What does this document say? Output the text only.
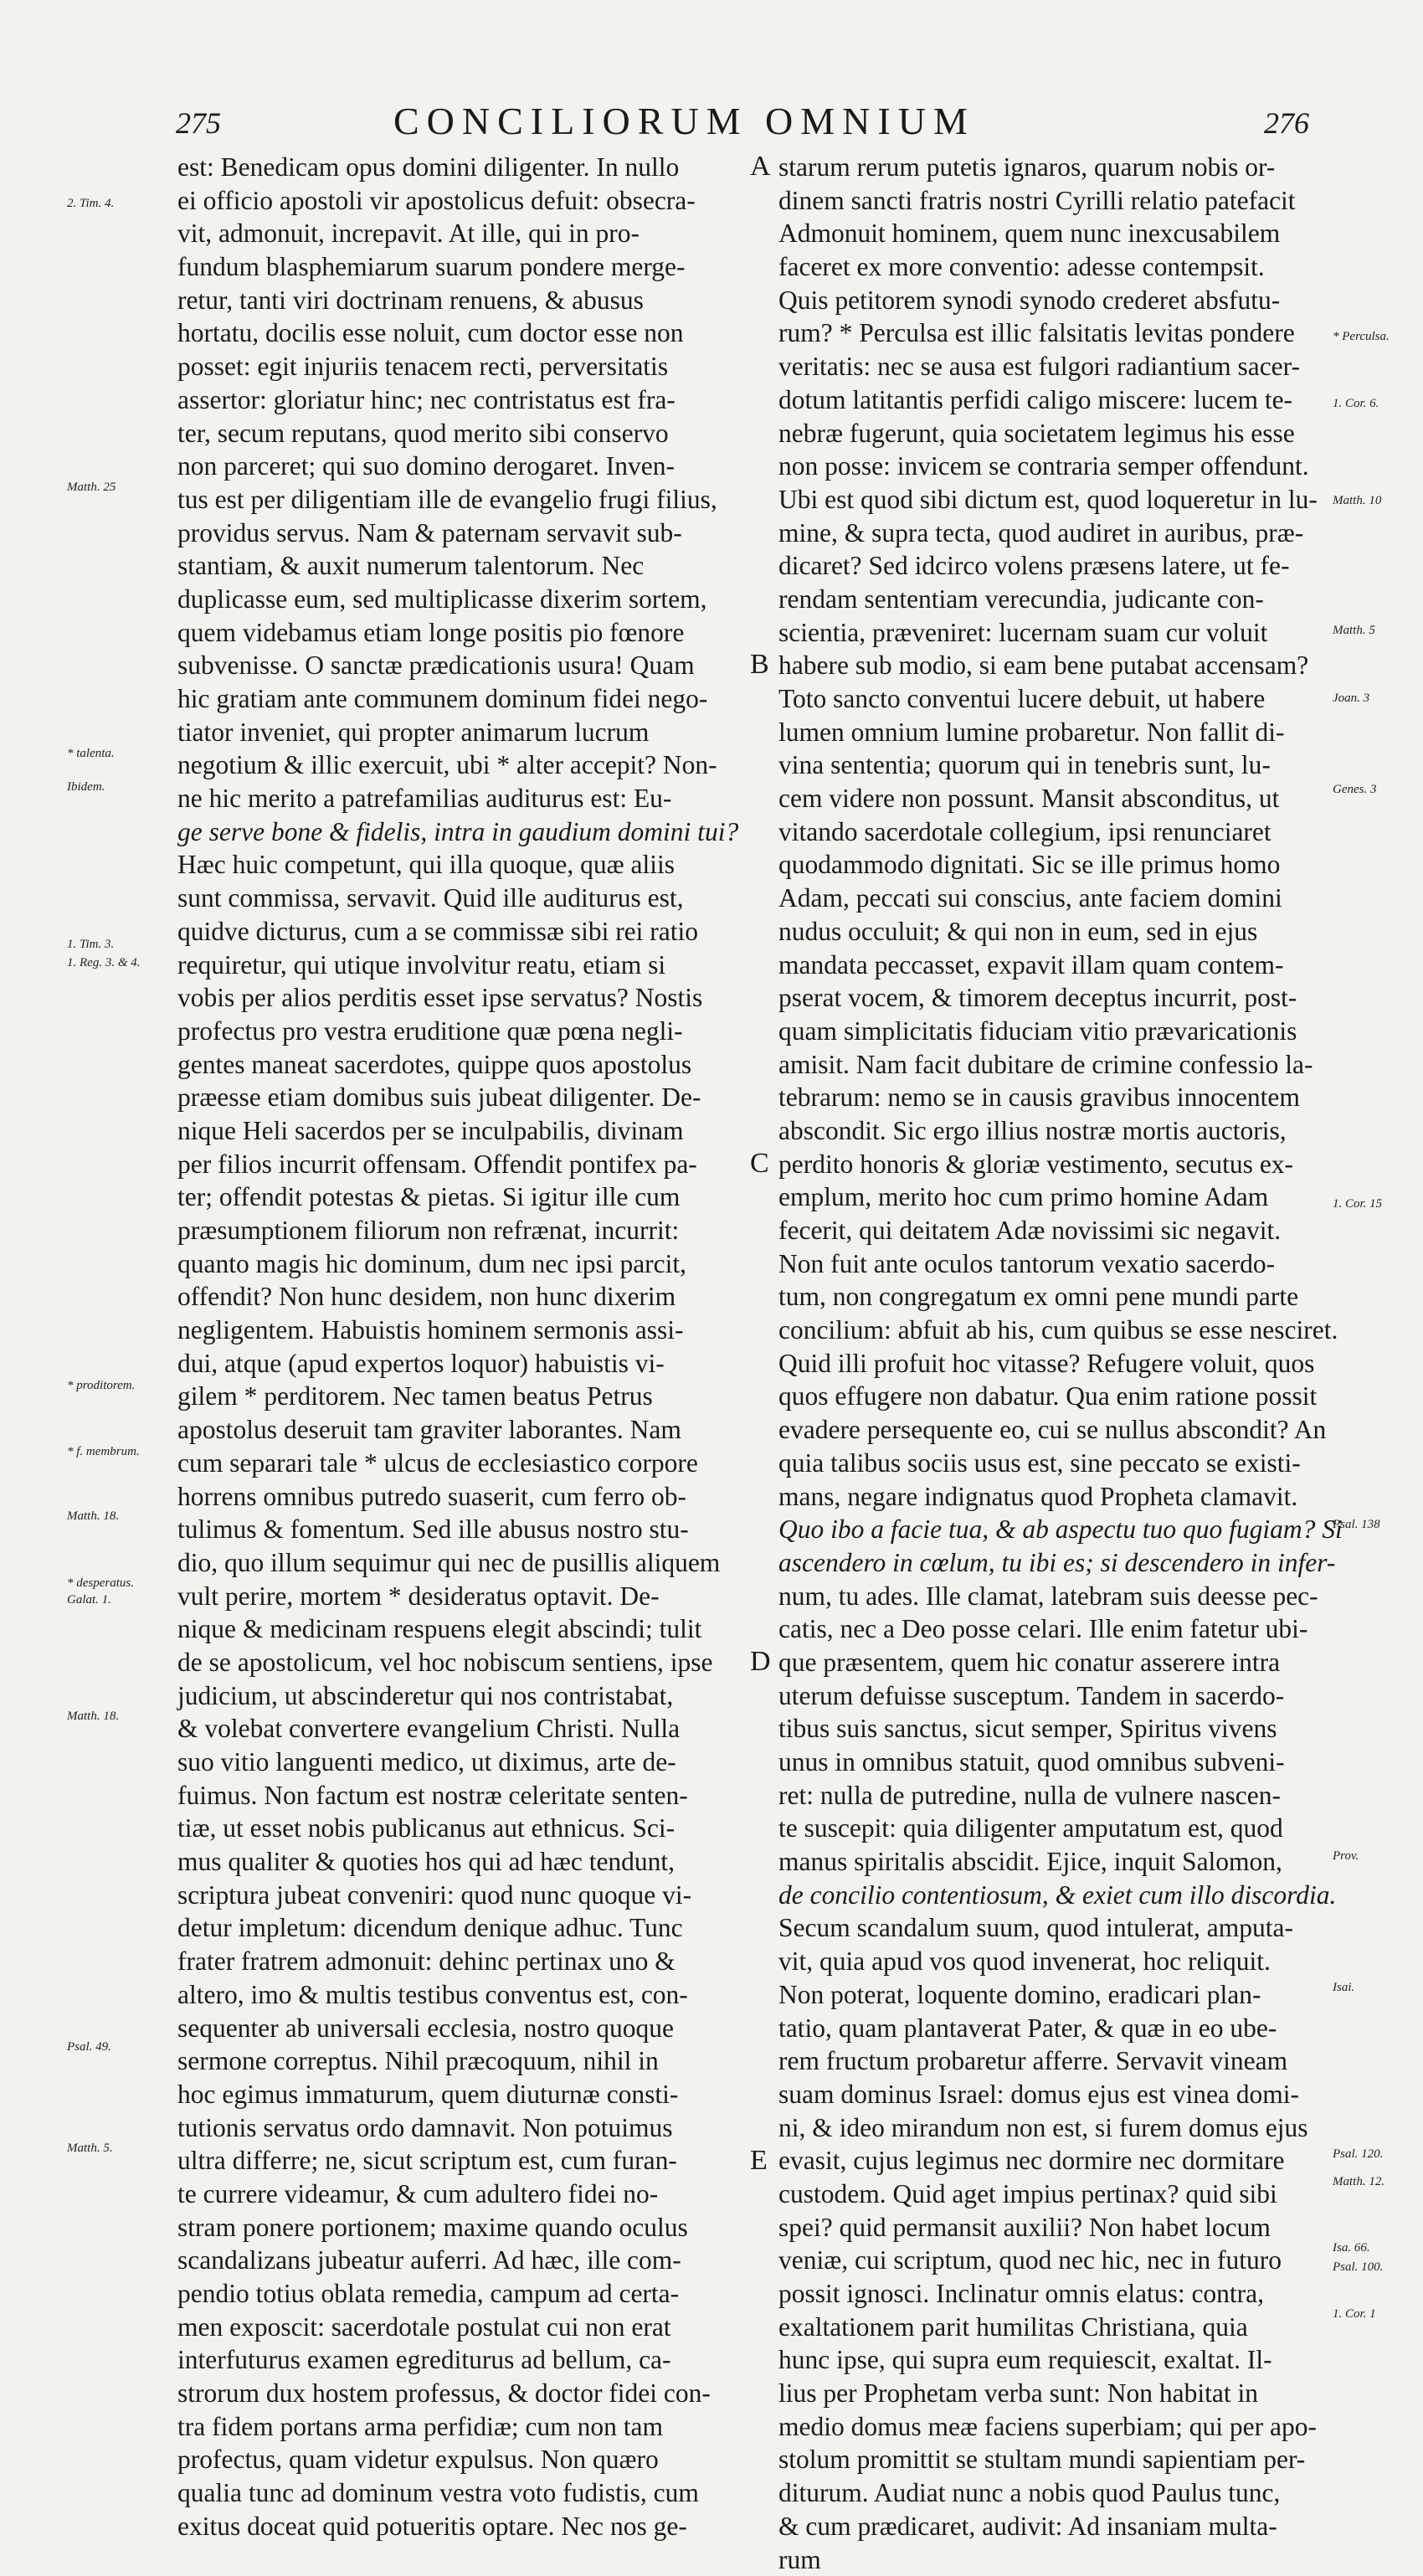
275	CONCILIORUM OMNIUM	276
est: Benedicam opus domini diligenter. In nullo
ei officio apostoli vir apostolicus defuit: obsecra-
vit, admonuit, increpavit. At ille, qui in pro-
fundum blasphemiarum suarum pondere merge-
retur, tanti viri doctrinam renuens, & abusus
hortatu, docilis esse noluit, cum doctor esse non
posset: egit injuriis tenacem recti, perversitatis
assertor: gloriatur hinc; nec contristatus est fra-
ter, secum reputans, quod merito sibi conservo
non parceret; qui suo domino derogaret. Inven-
tus est per diligentiam ille de evangelio frugi filius,
providus servus. Nam & paternam servavit sub-
stantiam, & auxit numerum talentorum. Nec
duplicasse eum, sed multiplicasse dixerim sortem,
quem videbamus etiam longe positis pio fœnore
subvenisse. O sanctæ prædicationis usura! Quam
hic gratiam ante communem dominum fidei nego-
tiator inveniet, qui propter animarum lucrum
negotium & illic exercuit, ubi * alter accepit? Non-
ne hic merito a patrefamilias auditurus est: Eu-
ge serve bone & fidelis, intra in gaudium domini tui?
Hæc huic competunt, qui illa quoque, quæ aliis
sunt commissa, servavit. Quid ille auditurus est,
quidve dicturus, cum a se commissæ sibi rei ratio
requiretur, qui utique involvitur reatu, etiam si
vobis per alios perditis esset ipse servatus? Nostis
profectus pro vestra eruditione quæ pœna negli-
gentes maneat sacerdotes, quippe quos apostolus
præesse etiam domibus suis jubeat diligenter. De-
nique Heli sacerdos per se inculpabilis, divinam
per filios incurrit offensam. Offendit pontifex pa-
ter; offendit potestas & pietas. Si igitur ille cum
præsumptionem filiorum non refrænat, incurrit:
quanto magis hic dominum, dum nec ipsi parcit,
offendit? Non hunc desidem, non hunc dixerim
negligentem. Habuistis hominem sermonis assi-
dui, atque (apud expertos loquor) habuistis vi-
gilem * perditorem. Nec tamen beatus Petrus
apostolus deseruit tam graviter laborantes. Nam
cum separari tale * ulcus de ecclesiastico corpore
horrens omnibus putredo suaserit, cum ferro ob-
tulimus & fomentum. Sed ille abusus nostro stu-
dio, quo illum sequimur qui nec de pusillis aliquem
vult perire, mortem * desideratus optavit. De-
nique & medicinam respuens elegit abscindi; tulit
de se apostolicum, vel hoc nobiscum sentiens, ipse
judicium, ut abscinderetur qui nos contristabat,
& volebat convertere evangelium Christi. Nulla
suo vitio languenti medico, ut diximus, arte de-
fuimus. Non factum est nostræ celeritate senten-
tiæ, ut esset nobis publicanus aut ethnicus. Sci-
mus qualiter & quoties hos qui ad hæc tendunt,
scriptura jubeat conveniri: quod nunc quoque vi-
detur impletum: dicendum denique adhuc. Tunc
frater fratrem admonuit: dehinc pertinax uno &
altero, imo & multis testibus conventus est, con-
sequenter ab universali ecclesia, nostro quoque
sermone correptus. Nihil præcoquum, nihil in
hoc egimus immaturum, quem diuturnæ consti-
tutionis servatus ordo damnavit. Non potuimus
ultra differre; ne, sicut scriptum est, cum furan-
te currere videamur, & cum adultero fidei no-
stram ponere portionem; maxime quando oculus
scandalizans jubeatur auferri. Ad hæc, ille com-
pendio totius oblata remedia, campum ad certa-
men exposcit: sacerdotale postulat cui non erat
interfuturus examen egrediturus ad bellum, ca-
strorum dux hostem professus, & doctor fidei con-
tra fidem portans arma perfidiæ; cum non tam
profectus, quam videtur expulsus. Non quæro
qualia tunc ad dominum vestra voto fudistis, cum
exitus doceat quid potueritis optare. Nec nos ge-
starum rerum putetis ignaros, quarum nobis or-
dinem sancti fratris nostri Cyrilli relatio patefacit
Admonuit hominem, quem nunc inexcusabilem
faceret ex more conventio: adesse contempsit.
Quis petitorem synodi synodo crederet absfutu-
rum? * Perculsa est illic falsitatis levitas pondere
veritatis: nec se ausa est fulgori radiantium sacer-
dotum latitantis perfidi caligo miscere: lucem te-
nebræ fugerunt, quia societatem legimus his esse
non posse: invicem se contraria semper offendunt.
Ubi est quod sibi dictum est, quod loqueretur in lu-
mine, & supra tecta, quod audiret in auribus, præ-
dicaret? Sed idcirco volens præsens latere, ut fe-
rendam sententiam verecundia, judicante con-
scientia, præveniret: lucernam suam cur voluit
habere sub modio, si eam bene putabat accensam?
Toto sancto conventui lucere debuit, ut habere
lumen omnium lumine probaretur. Non fallit di-
vina sententia; quorum qui in tenebris sunt, lu-
cem videre non possunt. Mansit absconditus, ut
vitando sacerdotale collegium, ipsi renunciaret
quodammodo dignitati. Sic se ille primus homo
Adam, peccati sui conscius, ante faciem domini
nudus occuluit; & qui non in eum, sed in ejus
mandata peccasset, expavit illam quam contem-
pserat vocem, & timorem deceptus incurrit, post-
quam simplicitatis fiduciam vitio prævaricationis
amisit. Nam facit dubitare de crimine confessio la-
tebrarum: nemo se in causis gravibus innocentem
abscondit. Sic ergo illius nostræ mortis auctoris,
perdito honoris & gloriæ vestimento, secutus ex-
emplum, merito hoc cum primo homine Adam
fecerit, qui deitatem Adæ novissimi sic negavit.
Non fuit ante oculos tantorum vexatio sacerdo-
tum, non congregatum ex omni pene mundi parte
concilium: abfuit ab his, cum quibus se esse nesciret.
Quid illi profuit hoc vitasse? Refugere voluit, quos
quos effugere non dabatur. Qua enim ratione possit
evadere persequente eo, cui se nullus abscondit? An
quia talibus sociis usus est, sine peccato se existi-
mans, negare indignatus quod Propheta clamavit.
Quo ibo a facie tua, & ab aspectu tuo quo fugiam? Si
ascendero in cœlum, tu ibi es; si descendero in infer-
num, tu ades. Ille clamat, latebram suis deesse pec-
catis, nec a Deo posse celari. Ille enim fatetur ubi-
que præsentem, quem hic conatur asserere intra
uterum defuisse susceptum. Tandem in sacerdo-
tibus suis sanctus, sicut semper, Spiritus vivens
unus in omnibus statuit, quod omnibus subveni-
ret: nulla de putredine, nulla de vulnere nascen-
te suscepit: quia diligenter amputatum est, quod
manus spiritalis abscidit. Ejice, inquit Salomon,
de concilio contentiosum, & exiet cum illo discordia.
Secum scandalum suum, quod intulerat, amputa-
vit, quia apud vos quod invenerat, hoc reliquit.
Non poterat, loquente domino, eradicari plan-
tatio, quam plantaverat Pater, & quæ in eo ube-
rem fructum probaretur afferre. Servavit vineam
suam dominus Israel: domus ejus est vinea domi-
ni, & ideo mirandum non est, si furem domus ejus
evasit, cujus legimus nec dormire nec dormitare
custodem. Quid aget impius pertinax? quid sibi
spei? quid permansit auxilii? Non habet locum
veniæ, cui scriptum, quod nec hic, nec in futuro
possit ignosci. Inclinatur omnis elatus: contra,
exaltationem parit humilitas Christiana, quia
hunc ipse, qui supra eum requiescit, exaltat. Il-
lius per Prophetam verba sunt: Non habitat in
medio domus meæ faciens superbiam; qui per apo-
stolum promittit se stultam mundi sapientiam per-
diturum. Audiat nunc a nobis quod Paulus tunc,
& cum prædicaret, audivit: Ad insaniam multa-
rum
A
B
C
D
E
2. Tim. 4.
Matth. 25
* talenta.
Ibidem.
1. Tim. 3.
1. Reg. 3. & 4.
* proditorem.
* f. membrum.
Matth. 18.
* desperatus.
Galat. 1.
Matth. 18.
Psal. 49.
Matth. 5.
* Perculsa.
1. Cor. 6.
Matth. 10
Matth. 5
Joan. 3
Genes. 3
1. Cor. 15
Psal. 138
Prov.
Isai.
Psal. 120.
Matth. 12.
Isa. 66.
Psal. 100.
1. Cor. 1
